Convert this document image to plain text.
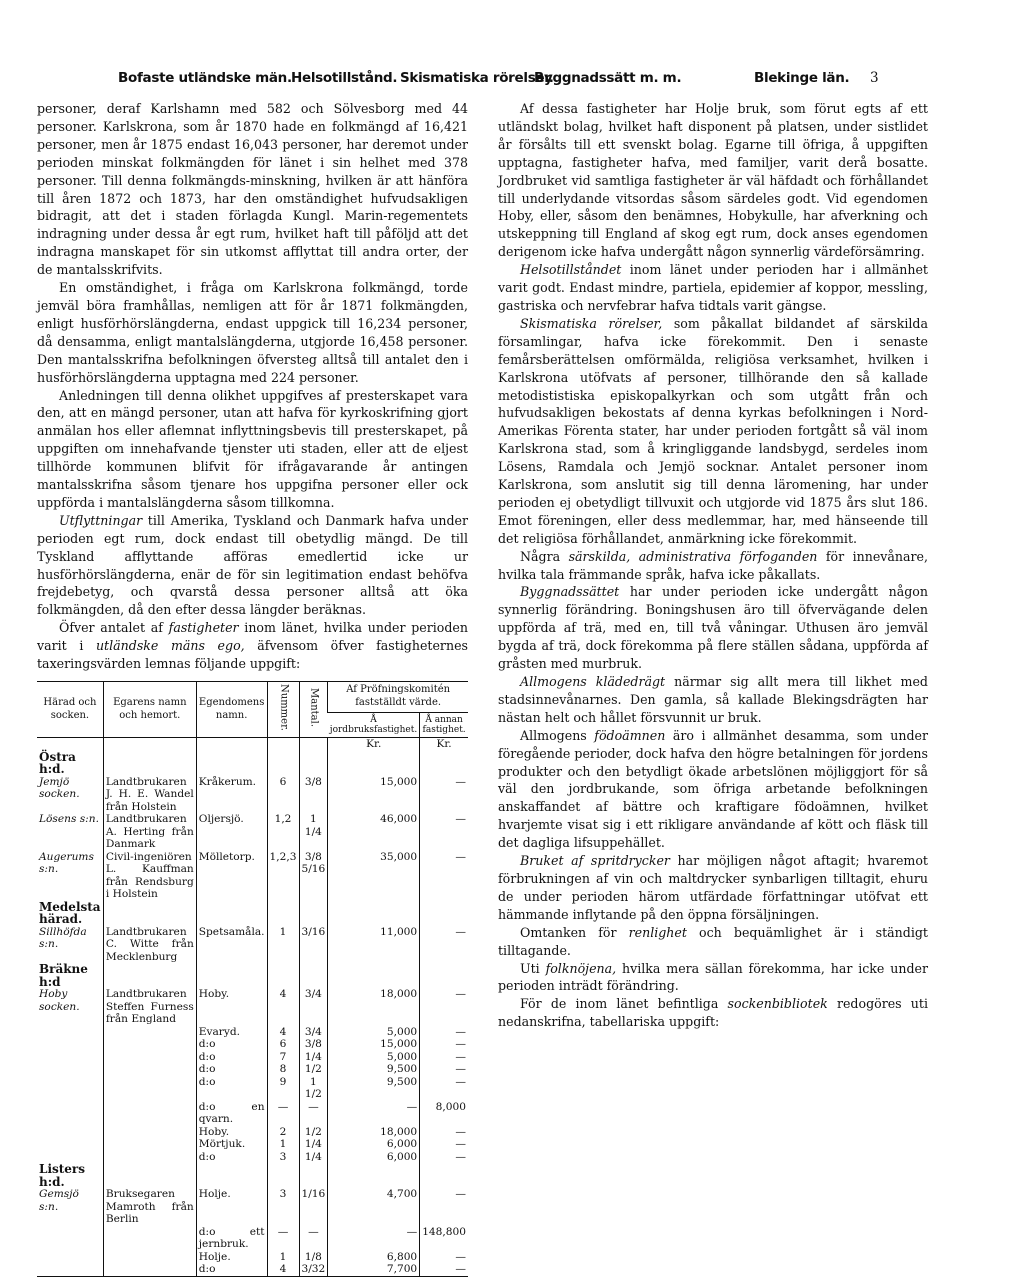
Bofaste utländske män. Helsotillstånd. Skismatiska rörelser.
Byggnadssätt m. m.	Blekinge län. 3

personer, deraf Karlshamn med 582 och Sölvesborg med 44 personer. Karlskrona, som år 1870 hade en folkmängd af 16,421 personer, men år 1875 endast 16,043 personer, har deremot under perioden minskat folkmängden för länet i sin helhet med 378 personer. Till denna folkmängds-minskning, hvilken är att hänföra till åren 1872 och 1873, har den omständighet hufvudsakligen bidragit, att det i staden förlagda Kungl. Marin-regementets indragning under dessa år egt rum, hvilket haft till påföljd att det indragna manskapet för sin utkomst afflyttat till andra orter, der de mantalsskrifvits.

En omständighet, i fråga om Karlskrona folkmängd, torde jemväl böra framhållas, nemligen att för år 1871 folkmängden, enligt husförhörslängderna, endast uppgick till 16,234 personer, då densamma, enligt mantalslängderna, utgjorde 16,458 personer. Den mantalsskrifna befolkningen öfversteg alltså till antalet den i husförhörslängderna upptagna med 224 personer.

Anledningen till denna olikhet uppgifves af presterskapet vara den, att en mängd personer, utan att hafva för kyrkoskrifning gjort anmälan hos eller aflemnat inflyttningsbevis till presterskapet, på uppgiften om innehafvande tjenster uti staden, eller att de eljest tillhörde kommunen blifvit för ifrågavarande år antingen mantalsskrifna såsom tjenare hos uppgifna personer eller ock uppförda i mantalslängderna såsom tillkomna.

Utflyttningar till Amerika, Tyskland och Danmark hafva under perioden egt rum, dock endast till obetydlig mängd. De till Tyskland afflyttande afföras emedlertid icke ur husförhörslängderna, enär de för sin legitimation endast behöfva frejdebetyg, och qvarstå dessa personer alltså att öka folkmängden, då den efter dessa längder beräknas.

Öfver antalet af fastigheter inom länet, hvilka under perioden varit i utländske mäns ego, äfvensom öfver fastigheternes taxeringsvärden lemnas följande uppgift:

Härad och socken.	Egarens namn och hemort.	Egendomens namn.	Nummer.	Mantal.	Af Pröfningskomitén fastställdt värde.	
					Å jordbruksfastighet.	Å annan fastighet.
					Kr.	Kr.
Östra h:d.						
Jemjö socken.	Landtbrukaren J. H. E. Wandel från Holstein	Kråkerum.	6	3/8	15,000	—
Lösens s:n.	Landtbrukaren A. Herting från Danmark	Oljersjö.	1,2	1 1/4	46,000	—
Augerums s:n.	Civil-ingeniören L. Kauffman från Rendsburg i Holstein	Mölletorp.	1,2,3	3/8 5/16	35,000	—
Medelsta härad.						
Sillhöfda s:n.	Landtbrukaren C. Witte från Mecklenburg	Spetsamåla.	1	3/16	11,000	—
Bräkne h:d						
Hoby socken.	Landtbrukaren Steffen Furness från England	Hoby.	4	3/4	18,000	—
		Evaryd.	4	3/4	5,000	—
		d:o	6	3/8	15,000	—
		d:o	7	1/4	5,000	—
		d:o	8	1/2	9,500	—
		d:o	9	1 1/2	9,500	—
		d:o en qvarn.	—	—	—	8,000
		Hoby.	2	1/2	18,000	—
		Mörtjuk.	1	1/4	6,000	—
		d:o	3	1/4	6,000	—
Listers h:d.						
Gemsjö s:n.	Bruksegaren Mamroth från Berlin	Holje.	3	1/16	4,700	—
		d:o ett jernbruk.	—	—	—	148,800
		Holje.	1	1/8	6,800	—
		d:o	4	3/32	7,700	—

Af dessa fastigheter har Holje bruk, som förut egts af ett utländskt bolag, hvilket haft disponent på platsen, under sistlidet år försålts till ett svenskt bolag. Egarne till öfriga, å uppgiften upptagna, fastigheter hafva, med familjer, varit derå bosatte. Jordbruket vid samtliga fastigheter är väl häfdadt och förhållandet till underlydande vitsordas såsom särdeles godt. Vid egendomen Hoby, eller, såsom den benämnes, Hobykulle, har afverkning och utskeppning till England af skog egt rum, dock anses egendomen derigenom icke hafva undergått någon synnerlig värdeförsämring.

Helsotillståndet inom länet under perioden har i allmänhet varit godt. Endast mindre, partiela, epidemier af koppor, messling, gastriska och nervfebrar hafva tidtals varit gängse.

Skismatiska rörelser, som påkallat bildandet af särskilda församlingar, hafva icke förekommit. Den i senaste femårsberättelsen omförmälda, religiösa verksamhet, hvilken i Karlskrona utöfvats af personer, tillhörande den så kallade metodististiska episkopalkyrkan och som utgått från och hufvudsakligen bekostats af denna kyrkas befolkningen i Nord-Amerikas Förenta stater, har under perioden fortgått så väl inom Karlskrona stad, som å kringliggande landsbygd, serdeles inom Lösens, Ramdala och Jemjö socknar. Antalet personer inom Karlskrona, som anslutit sig till denna läromening, har under perioden ej obetydligt tillvuxit och utgjorde vid 1875 års slut 186. Emot föreningen, eller dess medlemmar, har, med hänseende till det religiösa förhållandet, anmärkning icke förekommit.

Några särskilda, administrativa förfoganden för innevånare, hvilka tala främmande språk, hafva icke påkallats.

Byggnadssättet har under perioden icke undergått någon synnerlig förändring. Boningshusen äro till öfvervägande delen uppförda af trä, med en, till två våningar. Uthusen äro jemväl bygda af trä, dock förekomma på flere ställen sådana, uppförda af gråsten med murbruk.

Allmogens klädedrägt närmar sig allt mera till likhet med stadsinnevånarnes. Den gamla, så kallade Blekingsdrägten har nästan helt och hållet försvunnit ur bruk.

Allmogens födoämnen äro i allmänhet desamma, som under föregående perioder, dock hafva den högre betalningen för jordens produkter och den betydligt ökade arbetslönen möjliggjort för så väl den jordbrukande, som öfriga arbetande befolkningen anskaffandet af bättre och kraftigare födoämnen, hvilket hvarjemte visat sig i ett rikligare användande af kött och fläsk till det dagliga lifsuppehället.

Bruket af spritdrycker har möjligen något aftagit; hvaremot förbrukningen af vin och maltdrycker synbarligen tilltagit, ehuru de under perioden härom utfärdade författningar utöfvat ett hämmande inflytande på den öppna försäljningen.

Omtanken för renlighet och bequämlighet är i ständigt tilltagande.

Uti folknöjena, hvilka mera sällan förekomma, har icke under perioden inträdt förändring.

För de inom länet befintliga sockenbibliotek redogöres uti nedanskrifna, tabellariska uppgift:
